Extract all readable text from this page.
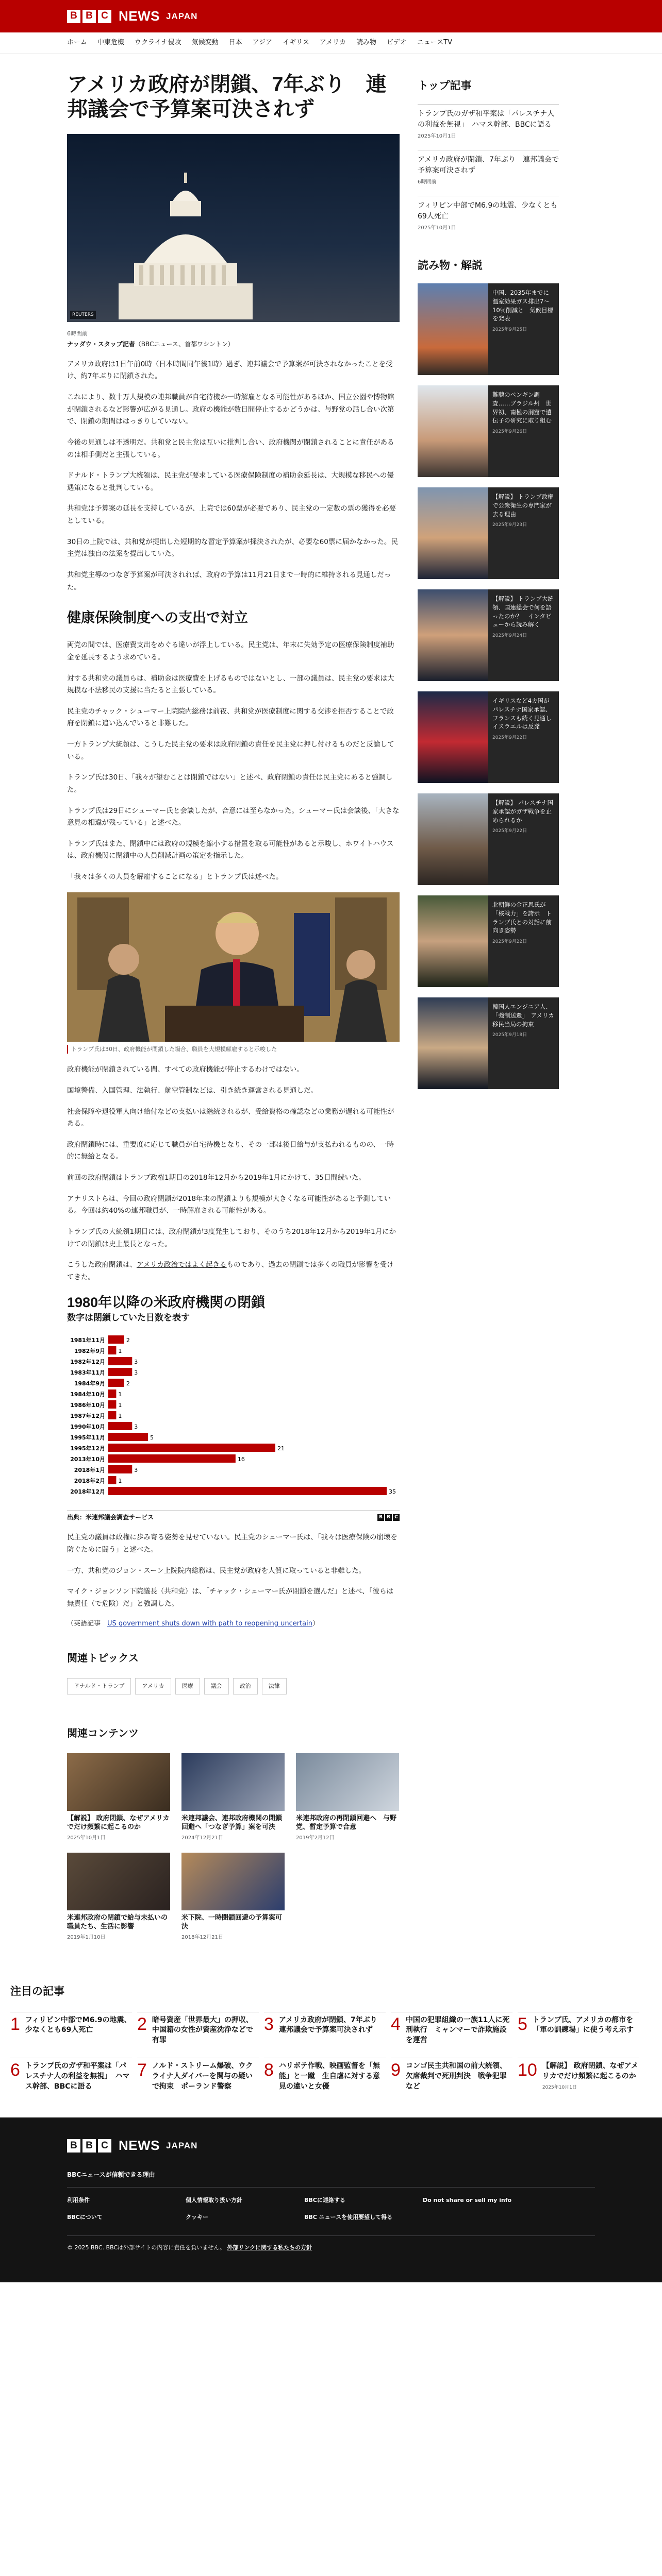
B B C NEWS JAPAN
ホーム 中東危機 ウクライナ侵攻 気候変動 日本 アジア イギリス アメリカ 読み物 ビデオ ニュースTV
アメリカ政府が閉鎖、7年ぶり　連邦議会で予算案可決されず
REUTERS
6時間前
ナッダウ・スタップ記者（BBCニュース、首都ワシントン）

アメリカ政府は1日午前0時（日本時間同午後1時）過ぎ、連邦議会で予算案が可決されなかったことを受け、約7年ぶりに閉鎖された。

これにより、数十万人規模の連邦職員が自宅待機か一時解雇となる可能性があるほか、国立公園や博物館が閉鎖されるなど影響が広がる見通し。政府の機能が数日間停止するかどうかは、与野党の話し合い次第で、閉鎖の期間ははっきりしていない。

今後の見通しは不透明だ。共和党と民主党は互いに批判し合い、政府機関が閉鎖されることに責任があるのは相手側だと主張している。

ドナルド・トランプ大統領は、民主党が要求している医療保険制度の補助金延長は、大規模な移民への優遇策になると批判している。

共和党は予算案の延長を支持しているが、上院では60票が必要であり、民主党の一定数の票の獲得を必要としている。

30日の上院では、共和党が提出した短期的な暫定予算案が採決されたが、必要な60票に届かなかった。民主党は独自の法案を提出していた。

共和党主導のつなぎ予算案が可決されれば、政府の予算は11月21日まで一時的に維持される見通しだった。

健康保険制度への支出で対立

両党の間では、医療費支出をめぐる違いが浮上している。民主党は、年末に失効予定の医療保険制度補助金を延長するよう求めている。

対する共和党の議員らは、補助金は医療費を上げるものではないとし、一部の議員は、民主党の要求は大規模な不法移民の支援に当たると主張している。

民主党のチャック・シューマー上院院内総務は前夜、共和党が医療制度に関する交渉を拒否することで政府を閉鎖に追い込んでいると非難した。

一方トランプ大統領は、こうした民主党の要求は政府閉鎖の責任を民主党に押し付けるものだと反論している。

トランプ氏は30日、「我々が望むことは閉鎖ではない」と述べ、政府閉鎖の責任は民主党にあると強調した。

トランプ氏は29日にシューマー氏と会談したが、合意には至らなかった。シューマー氏は会談後、「大きな意見の相違が残っている」と述べた。

トランプ氏はまた、閉鎖中には政府の規模を縮小する措置を取る可能性があると示唆し、ホワイトハウスは、政府機関に閉鎖中の人員削減計画の策定を指示した。

「我々は多くの人員を解雇することになる」とトランプ氏は述べた。

トランプ氏は30日、政府機能が閉鎖した場合、職員を大規模解雇すると示唆した

政府機能が閉鎖されている間、すべての政府機能が停止するわけではない。

国境警備、入国管理、法執行、航空管制などは、引き続き運営される見通しだ。

社会保障や退役軍人向け給付などの支払いは継続されるが、受給資格の確認などの業務が遅れる可能性がある。

政府閉鎖時には、重要度に応じて職員が自宅待機となり、その一部は後日給与が支払われるものの、一時的に無給となる。

前回の政府閉鎖はトランプ政権1期目の2018年12月から2019年1月にかけて、35日間続いた。

アナリストらは、今回の政府閉鎖が2018年末の閉鎖よりも規模が大きくなる可能性があると予測している。今回は約40%の連邦職員が、一時解雇される可能性がある。

トランプ氏の大統領1期目には、政府閉鎖が3度発生しており、そのうち2018年12月から2019年1月にかけての閉鎖は史上最長となった。

こうした政府閉鎖は、アメリカ政治ではよく起きるものであり、過去の閉鎖では多くの職員が影響を受けてきた。

1980年以降の米政府機関の閉鎖
数字は閉鎖していた日数を表す
1981年11月	2
1982年9月 1
1982年12月	3
1983年11月	3
1984年9月	2
1984年10月 1
1986年10月 1
1987年12月 1
1990年10月	3
1995年11月	5
1995年12月	21
2013年10月	16
2018年1月	3
2018年2月 1
2018年12月	35
出典：米連邦議会調査サービス	B B C

民主党の議員は政権に歩み寄る姿勢を見せていない。民主党のシューマー氏は、「我々は医療保険の崩壊を防ぐために闘う」と述べた。

一方、共和党のジョン・スーン上院院内総務は、民主党が政府を人質に取っていると非難した。

マイク・ジョンソン下院議長（共和党）は、「チャック・シューマー氏が閉鎖を選んだ」と述べ、「彼らは無責任（で危険）だ」と強調した。

（英語記事　US government shuts down with path to reopening uncertain）
関連トピックス
ドナルド・トランプ	アメリカ	医療	議会	政治	法律
関連コンテンツ
【解説】 政府閉鎖、なぜアメリカでだけ頻繁に起こるのか
2025年10月1日
米連邦議会、連邦政府機関の閉鎖回避へ「つなぎ予算」案を可決
2024年12月21日
米連邦政府の再閉鎖回避へ　与野党、暫定予算で合意
2019年2月12日
米連邦政府の閉鎖で給与未払いの職員たち、生活に影響
2019年1月10日
米下院、一時閉鎖回避の予算案可決
2018年12月21日
トップ記事
トランプ氏のガザ和平案は「パレスチナ人の利益を無視」　ハマス幹部、BBCに語る
2025年10月1日
アメリカ政府が閉鎖、7年ぶり　連邦議会で予算案可決されず
6時間前
フィリピン中部でM6.9の地震、少なくとも69人死亡
2025年10月1日
読み物・解説
中国、2035年までに温室効果ガス排出7～10％削減と　気候目標を発表
2025年9月25日
難聴のペンギン調査……ブラジル州　世界初、南極の洞窟で遺伝子の研究に取り組む
2025年9月26日
【解説】 トランプ政権で公衆衛生の専門家が去る理由
2025年9月23日
【解説】 トランプ大統領、国連総会で何を語ったのか？　インタビューから読み解く
2025年9月24日
イギリスなど4カ国がパレスチナ国家承認、フランスも続く見通し　イスラエルは反発
2025年9月22日
【解説】 パレスチナ国家承認がガザ戦争を止められるか
2025年9月22日
北朝鮮の金正恩氏が「核戦力」を誇示　トランプ氏との対話に前向き姿勢
2025年9月22日
韓国人エンジニア人、「強制送還」　アメリカ移民当局の拘束
2025年9月18日
注目の記事
1 フィリピン中部でM6.9の地震、少なくとも69人死亡	2 暗号資産「世界最大」の押収、中国籍の女性が資産洗浄などで有罪
3 アメリカ政府が閉鎖、7年ぶり　連邦議会で予算案可決されず	4 中国の犯罪組織の一族11人に死刑執行　ミャンマーで詐欺施設を運営
5 トランプ氏、アメリカの都市を「軍の訓練場」に使う考え示す
6 トランプ氏のガザ和平案は「パレスチナ人の利益を無視」　ハマス幹部、BBCに語る
7 ノルド・ストリーム爆破、ウクライナ人ダイバーを関与の疑いで拘束　ポーランド警察
8 ハリボテ作戦、映画監督を「無能」と一蹴　生自虐に対する意見の違いと女優
9 コンゴ民主共和国の前大統領、欠席裁判で死刑判決　戦争犯罪など
10 【解説】 政府閉鎖、なぜアメリカでだけ頻繁に起こるのか
2025年10月1日
B B C NEWS JAPAN
BBCニュースが信頼できる理由
利用条件	個人情報取り扱い方針	BBCに連絡する	Do not share or sell my info
BBCについて	クッキー	BBC ニュースを使用要望して得る
© 2025 BBC. BBCは外部サイトの内容に責任を負いません。 外部リンクに関する私たちの方針
